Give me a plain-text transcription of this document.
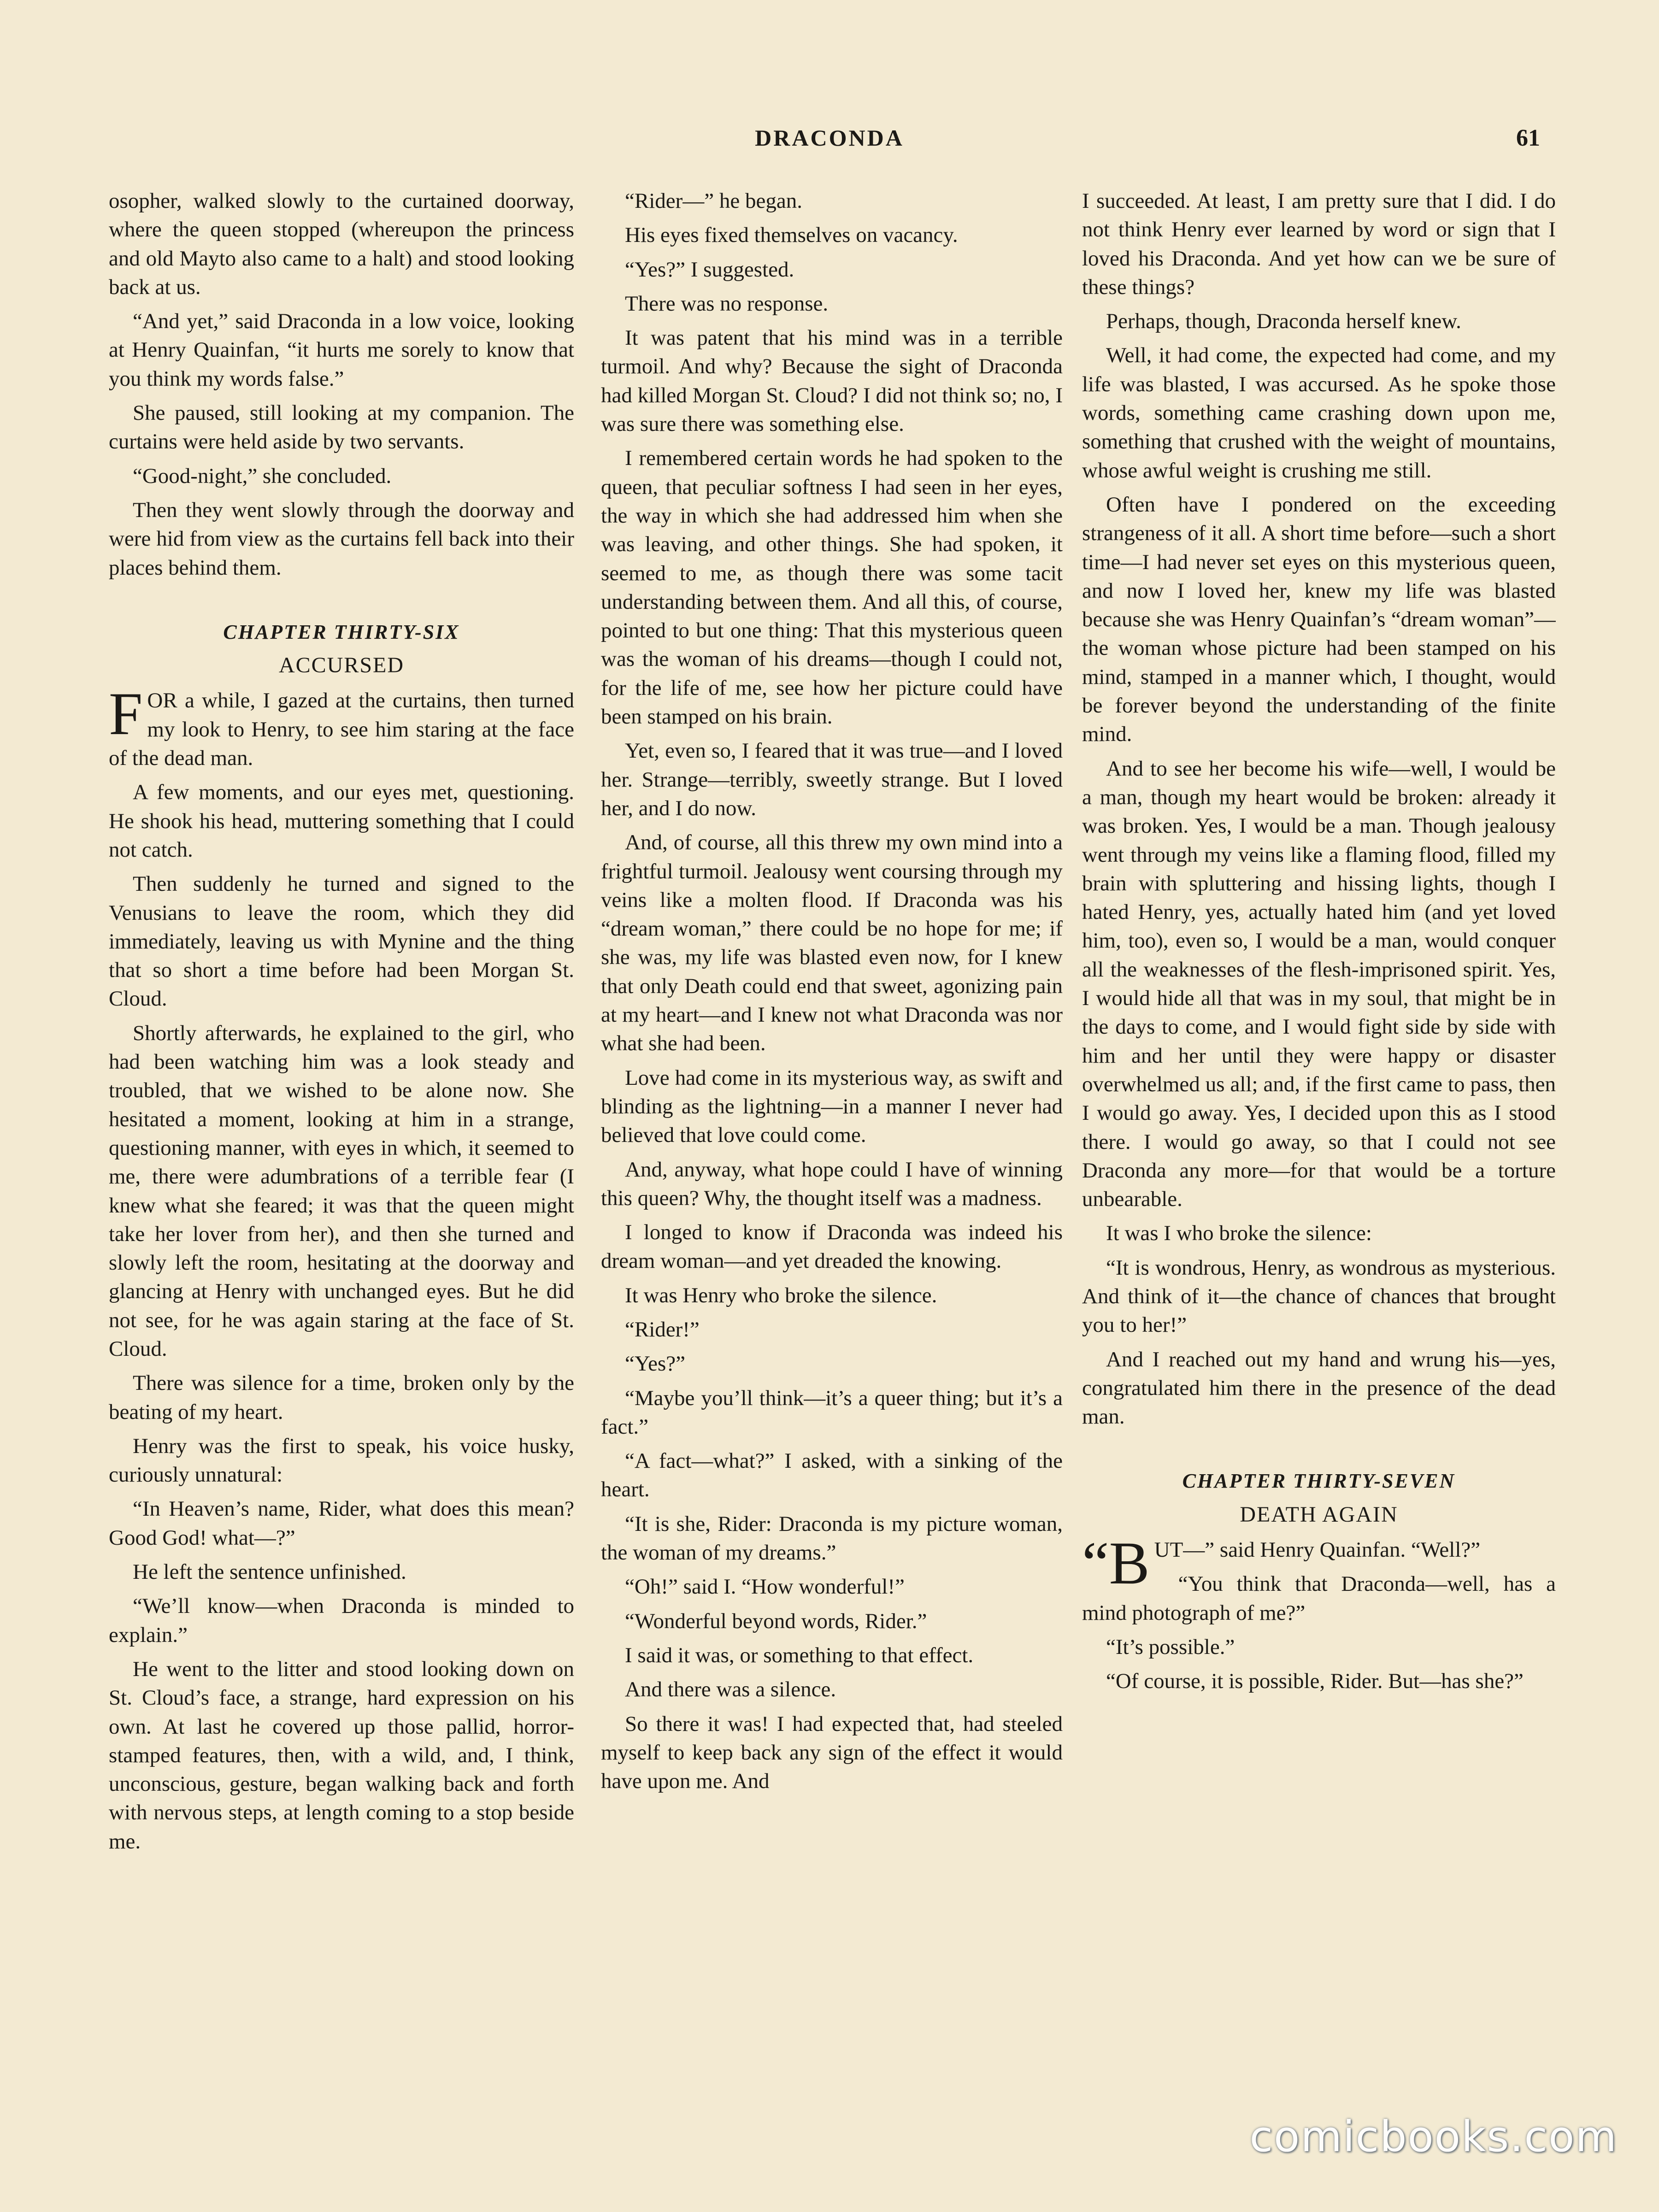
DRACONDA	61

osopher, walked slowly to the curtained doorway, where the queen stopped (whereupon the princess and old Mayto also came to a halt) and stood looking back at us.

“And yet,” said Draconda in a low voice, looking at Henry Quainfan, “it hurts me sorely to know that you think my words false.”

She paused, still looking at my companion. The curtains were held aside by two servants.

“Good-night,” she concluded.

Then they went slowly through the doorway and were hid from view as the curtains fell back into their places behind them.

CHAPTER THIRTY-SIX
ACCURSED

FOR a while, I gazed at the curtains, then turned my look to Henry, to see him staring at the face of the dead man.

A few moments, and our eyes met, questioning. He shook his head, muttering something that I could not catch.

Then suddenly he turned and signed to the Venusians to leave the room, which they did immediately, leaving us with Mynine and the thing that so short a time before had been Morgan St. Cloud.

Shortly afterwards, he explained to the girl, who had been watching him was a look steady and troubled, that we wished to be alone now. She hesitated a moment, looking at him in a strange, questioning manner, with eyes in which, it seemed to me, there were adumbrations of a terrible fear (I knew what she feared; it was that the queen might take her lover from her), and then she turned and slowly left the room, hesitating at the doorway and glancing at Henry with unchanged eyes. But he did not see, for he was again staring at the face of St. Cloud.

There was silence for a time, broken only by the beating of my heart.

Henry was the first to speak, his voice husky, curiously unnatural:

“In Heaven’s name, Rider, what does this mean? Good God! what—?”

He left the sentence unfinished.

“We’ll know—when Draconda is minded to explain.”

He went to the litter and stood looking down on St. Cloud’s face, a strange, hard expression on his own. At last he covered up those pallid, horror-stamped features, then, with a wild, and, I think, unconscious, gesture, began walking back and forth with nervous steps, at length coming to a stop beside me.

“Rider—” he began.

His eyes fixed themselves on vacancy.

“Yes?” I suggested.

There was no response.

It was patent that his mind was in a terrible turmoil. And why? Because the sight of Draconda had killed Morgan St. Cloud? I did not think so; no, I was sure there was something else.

I remembered certain words he had spoken to the queen, that peculiar softness I had seen in her eyes, the way in which she had addressed him when she was leaving, and other things. She had spoken, it seemed to me, as though there was some tacit understanding between them. And all this, of course, pointed to but one thing: That this mysterious queen was the woman of his dreams—though I could not, for the life of me, see how her picture could have been stamped on his brain.

Yet, even so, I feared that it was true—and I loved her. Strange—terribly, sweetly strange. But I loved her, and I do now.

And, of course, all this threw my own mind into a frightful turmoil. Jealousy went coursing through my veins like a molten flood. If Draconda was his “dream woman,” there could be no hope for me; if she was, my life was blasted even now, for I knew that only Death could end that sweet, agonizing pain at my heart—and I knew not what Draconda was nor what she had been.

Love had come in its mysterious way, as swift and blinding as the lightning—in a manner I never had believed that love could come.

And, anyway, what hope could I have of winning this queen? Why, the thought itself was a madness.

I longed to know if Draconda was indeed his dream woman—and yet dreaded the knowing.

It was Henry who broke the silence.

“Rider!”

“Yes?”

“Maybe you’ll think—it’s a queer thing; but it’s a fact.”

“A fact—what?” I asked, with a sinking of the heart.

“It is she, Rider: Draconda is my picture woman, the woman of my dreams.”

“Oh!” said I. “How wonderful!”

“Wonderful beyond words, Rider.”

I said it was, or something to that effect.

And there was a silence.

So there it was! I had expected that, had steeled myself to keep back any sign of the effect it would have upon me. And

I succeeded. At least, I am pretty sure that I did. I do not think Henry ever learned by word or sign that I loved his Draconda. And yet how can we be sure of these things?

Perhaps, though, Draconda herself knew.

Well, it had come, the expected had come, and my life was blasted, I was accursed. As he spoke those words, something came crashing down upon me, something that crushed with the weight of mountains, whose awful weight is crushing me still.

Often have I pondered on the exceeding strangeness of it all. A short time before—such a short time—I had never set eyes on this mysterious queen, and now I loved her, knew my life was blasted because she was Henry Quainfan’s “dream woman”—the woman whose picture had been stamped on his mind, stamped in a manner which, I thought, would be forever beyond the understanding of the finite mind.

And to see her become his wife—well, I would be a man, though my heart would be broken: already it was broken. Yes, I would be a man. Though jealousy went through my veins like a flaming flood, filled my brain with spluttering and hissing lights, though I hated Henry, yes, actually hated him (and yet loved him, too), even so, I would be a man, would conquer all the weaknesses of the flesh-imprisoned spirit. Yes, I would hide all that was in my soul, that might be in the days to come, and I would fight side by side with him and her until they were happy or disaster overwhelmed us all; and, if the first came to pass, then I would go away. Yes, I decided upon this as I stood there. I would go away, so that I could not see Draconda any more—for that would be a torture unbearable.

It was I who broke the silence:

“It is wondrous, Henry, as wondrous as mysterious. And think of it—the chance of chances that brought you to her!”

And I reached out my hand and wrung his—yes, congratulated him there in the presence of the dead man.

CHAPTER THIRTY-SEVEN
DEATH AGAIN

“BUT—” said Henry Quainfan. “Well?”

“You think that Draconda—well, has a mind photograph of me?”

“It’s possible.”

“Of course, it is possible, Rider. But—has she?”

comicbooks.com
